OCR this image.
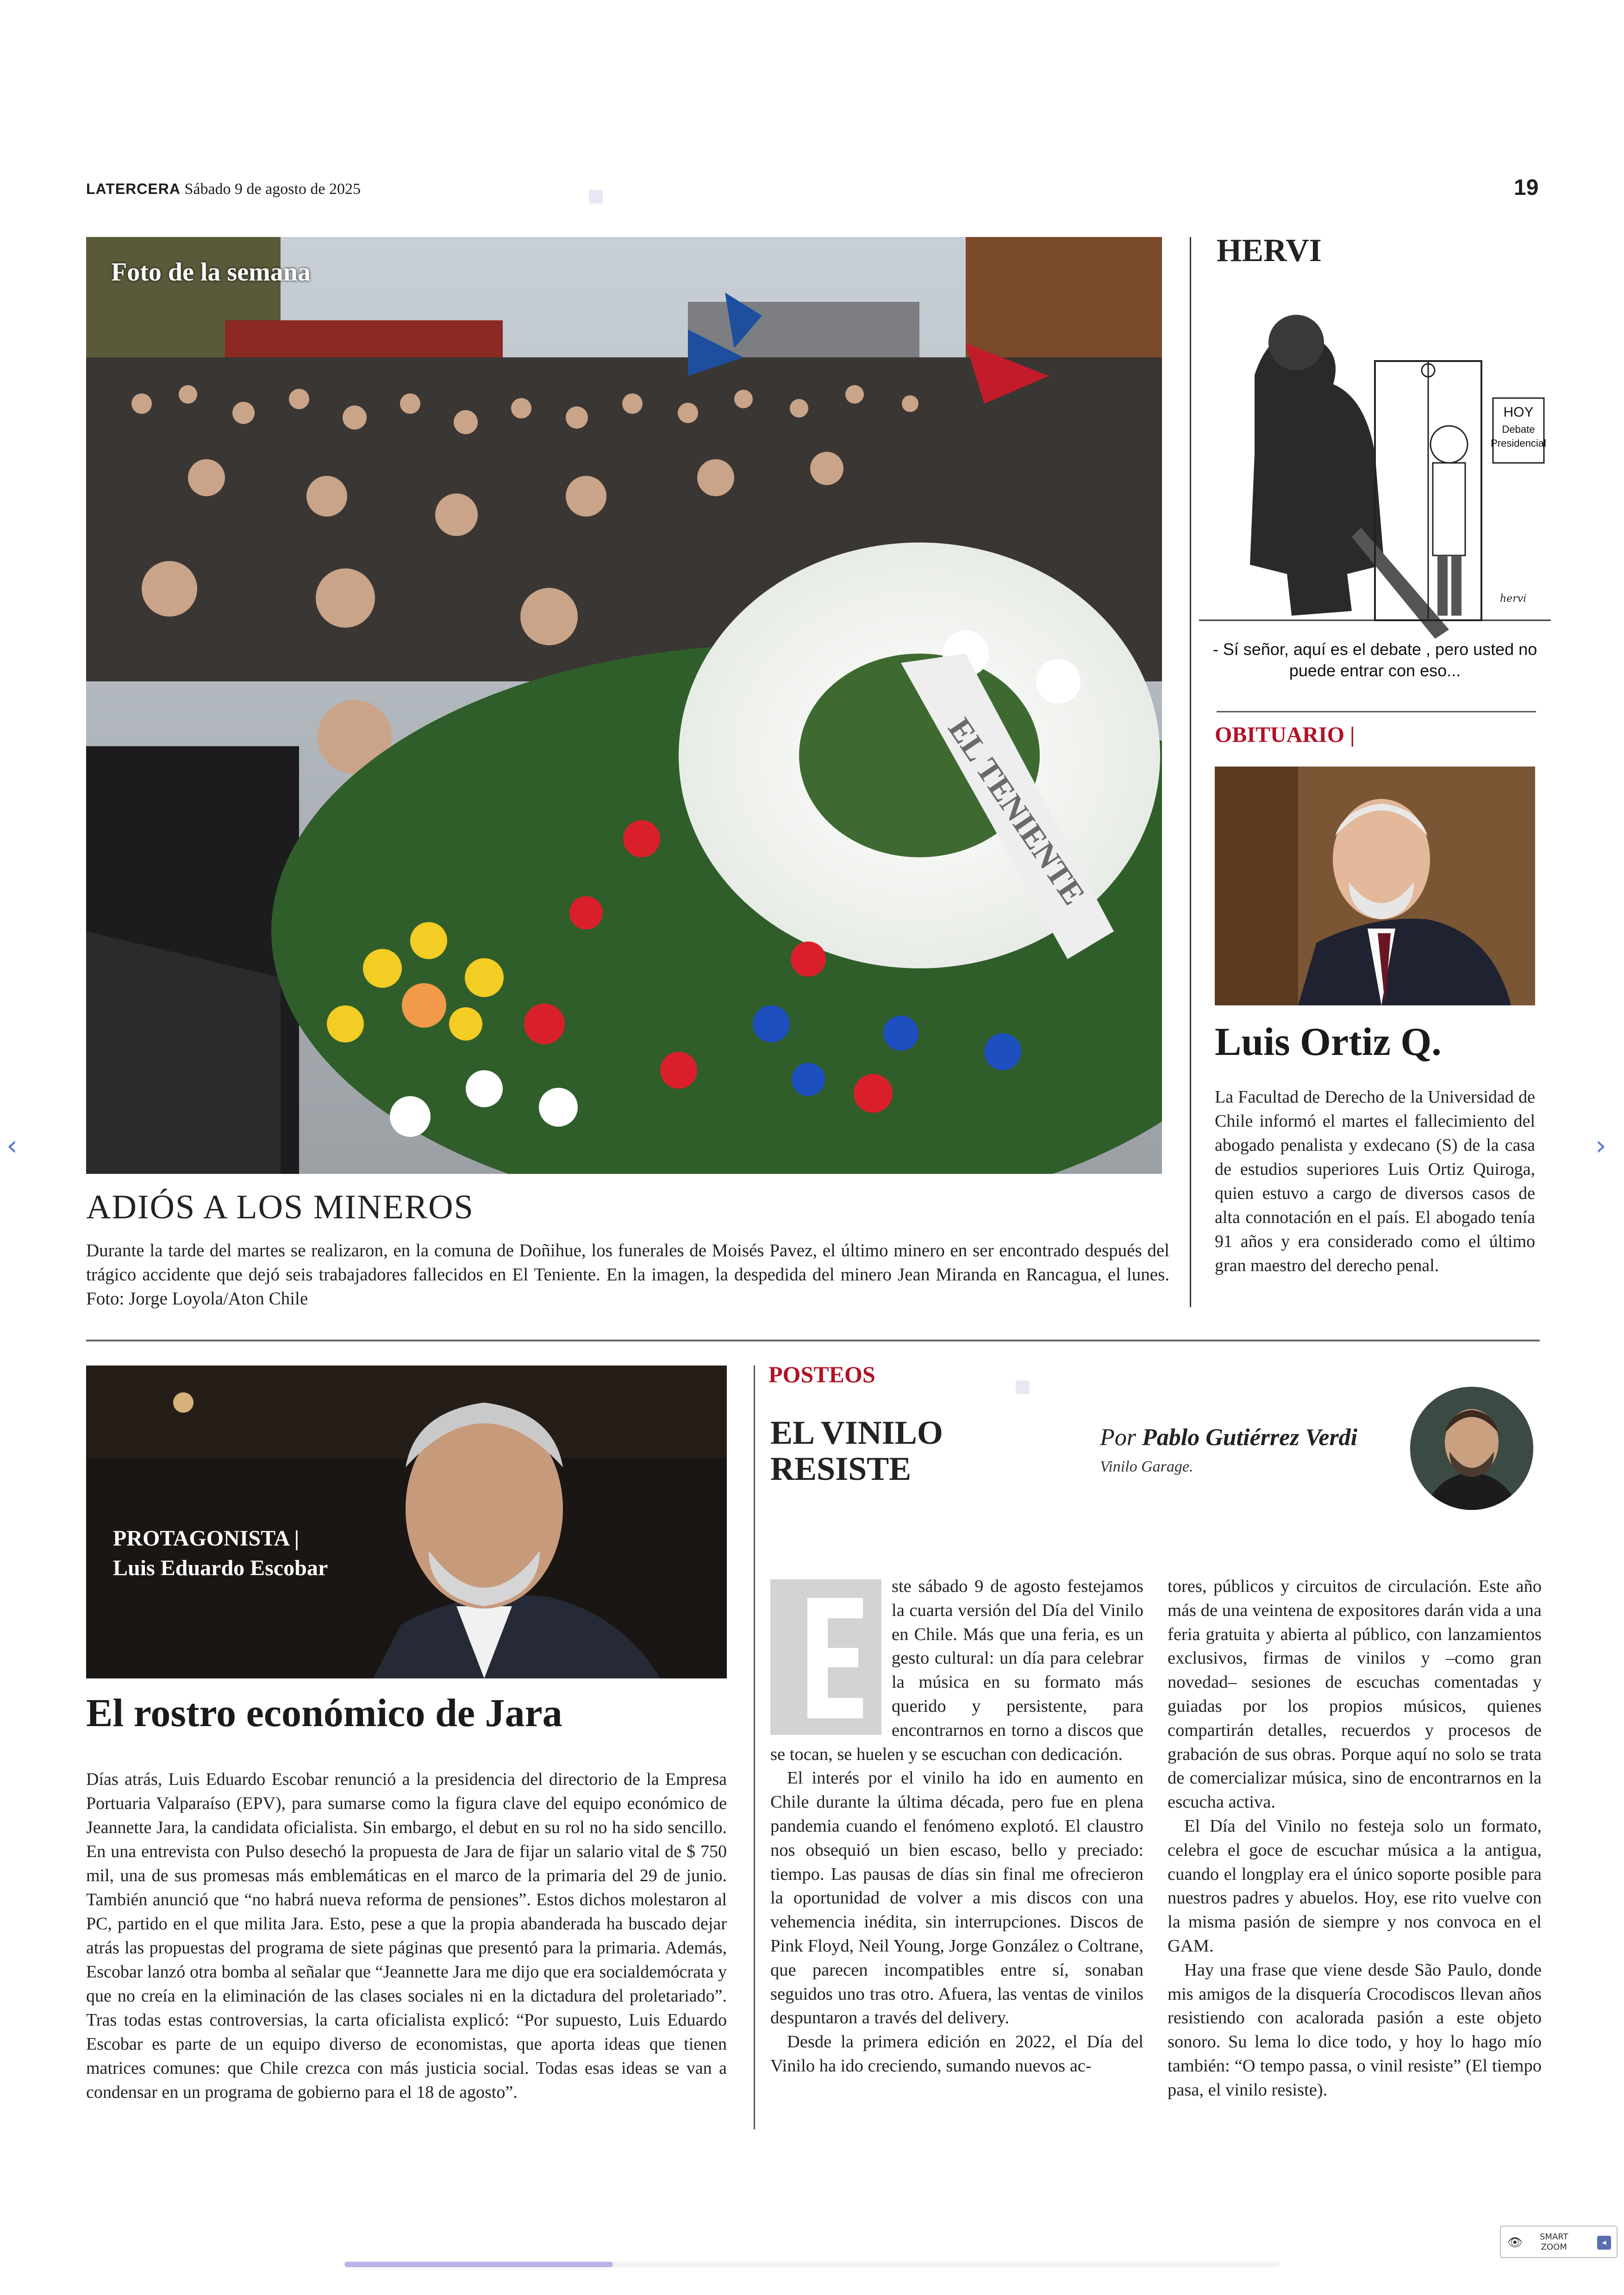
LATERCERA Sábado 9 de agosto de 2025	19
EL TENIENTE
Foto de la semana
ADIÓS A LOS MINEROS
Durante la tarde del martes se realizaron, en la comuna de Doñihue, los funerales de Moisés Pavez, el último minero en ser encontrado después del trágico accidente que dejó seis trabajadores fallecidos en El Teniente. En la imagen, la despedida del minero Jean Miranda en Rancagua, el lunes. Foto: Jorge Loyola/Aton Chile
HERVI
HOY
Debate
Presidencial
hervi
- Sí señor, aquí es el debate , pero usted no puede entrar con eso...
OBITUARIO |
Luis Ortiz Q.
La Facultad de Derecho de la Universidad de Chile informó el martes el fallecimiento del abogado penalista y exdecano (S) de la casa de estudios superiores Luis Ortiz Quiroga, quien estuvo a cargo de diversos casos de alta connotación en el país. El abogado tenía 91 años y era considerado como el último gran maestro del derecho penal.
‹	›
PROTAGONISTA |
Luis Eduardo Escobar
El rostro económico de Jara
Días atrás, Luis Eduardo Escobar renunció a la presidencia del directorio de la Empresa Portuaria Valparaíso (EPV), para sumarse como la figura clave del equipo económico de Jeannette Jara, la candidata oficialista. Sin embargo, el debut en su rol no ha sido sencillo. En una entrevista con Pulso desechó la propuesta de Jara de fijar un salario vital de $ 750 mil, una de sus promesas más emblemáticas en el marco de la primaria del 29 de junio. También anunció que “no habrá nueva reforma de pensiones”. Estos dichos molestaron al PC, partido en el que milita Jara. Esto, pese a que la propia abanderada ha buscado dejar atrás las propuestas del programa de siete páginas que presentó para la primaria. Además, Escobar lanzó otra bomba al señalar que “Jeannette Jara me dijo que era socialdemócrata y que no creía en la eliminación de las clases sociales ni en la dictadura del proletariado”. Tras todas estas controversias, la carta oficialista explicó: “Por supuesto, Luis Eduardo Escobar es parte de un equipo diverso de economistas, que aporta ideas que tienen matrices comunes: que Chile crezca con más justicia social. Todas esas ideas se van a condensar en un programa de gobierno para el 18 de agosto”.
POSTEOS
EL VINILO
RESISTE
Por Pablo Gutiérrez Verdi
Vinilo Garage.

ste sábado 9 de agosto festejamos la cuarta versión del Día del Vinilo en Chile. Más que una feria, es un gesto cultural: un día para celebrar la música en su formato más querido y persistente, para encontrarnos en torno a discos que se tocan, se huelen y se escuchan con dedicación.

El interés por el vinilo ha ido en aumento en Chile durante la última década, pero fue en plena pandemia cuando el fenómeno explotó. El claustro nos obsequió un bien escaso, bello y preciado: tiempo. Las pausas de días sin final me ofrecieron la oportunidad de volver a mis discos con una vehemencia inédita, sin interrupciones. Discos de Pink Floyd, Neil Young, Jorge González o Coltrane, que parecen incompatibles entre sí, sonaban seguidos uno tras otro. Afuera, las ventas de vinilos despuntaron a través del delivery.

Desde la primera edición en 2022, el Día del Vinilo ha ido creciendo, sumando nuevos ac-

tores, públicos y circuitos de circulación. Este año más de una veintena de expositores darán vida a una feria gratuita y abierta al público, con lanzamientos exclusivos, firmas de vinilos y –como gran novedad– sesiones de escuchas comentadas y guiadas por los propios músicos, quienes compartirán detalles, recuerdos y procesos de grabación de sus obras. Porque aquí no solo se trata de comercializar música, sino de encontrarnos en la escucha activa.

El Día del Vinilo no festeja solo un formato, celebra el goce de escuchar música a la antigua, cuando el longplay era el único soporte posible para nuestros padres y abuelos. Hoy, ese rito vuelve con la misma pasión de siempre y nos convoca en el GAM.

Hay una frase que viene desde São Paulo, donde mis amigos de la disquería Crocodiscos llevan años resistiendo con acalorada pasión a este objeto sonoro. Su lema lo dice todo, y hoy lo hago mío también: “O tempo passa, o vinil resiste” (El tiempo pasa, el vinilo resiste).

👁 SMART
ZOOM	◂
